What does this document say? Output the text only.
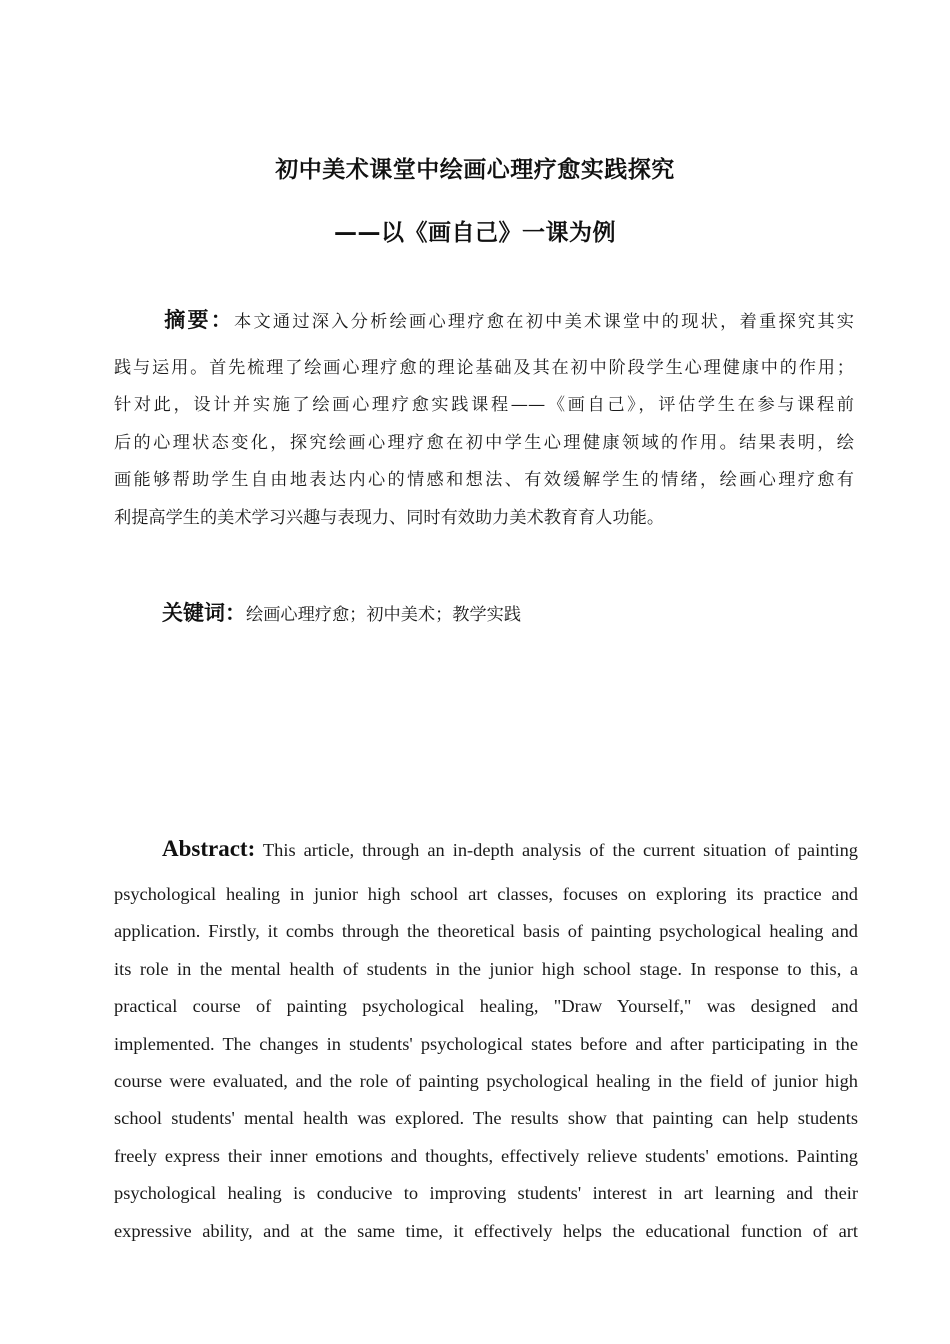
初中美术课堂中绘画心理疗愈实践探究
——以《画自己》一课为例
摘要：本文通过深入分析绘画心理疗愈在初中美术课堂中的现状，着重探究其实
践与运用。首先梳理了绘画心理疗愈的理论基础及其在初中阶段学生心理健康中的作用；
针对此，设计并实施了绘画心理疗愈实践课程——《画自己》，评估学生在参与课程前
后的心理状态变化，探究绘画心理疗愈在初中学生心理健康领域的作用。结果表明，绘
画能够帮助学生自由地表达内心的情感和想法、有效缓解学生的情绪，绘画心理疗愈有
利提高学生的美术学习兴趣与表现力、同时有效助力美术教育育人功能。
关键词：绘画心理疗愈；初中美术；教学实践
Abstract: This article, through an in-depth analysis of the current situation of painting
psychological healing in junior high school art classes, focuses on exploring its practice and
application. Firstly, it combs through the theoretical basis of painting psychological healing and
its role in the mental health of students in the junior high school stage. In response to this, a
practical course of painting psychological healing, "Draw Yourself," was designed and
implemented. The changes in students' psychological states before and after participating in the
course were evaluated, and the role of painting psychological healing in the field of junior high
school students' mental health was explored. The results show that painting can help students
freely express their inner emotions and thoughts, effectively relieve students' emotions. Painting
psychological healing is conducive to improving students' interest in art learning and their
expressive ability, and at the same time, it effectively helps the educational function of art
